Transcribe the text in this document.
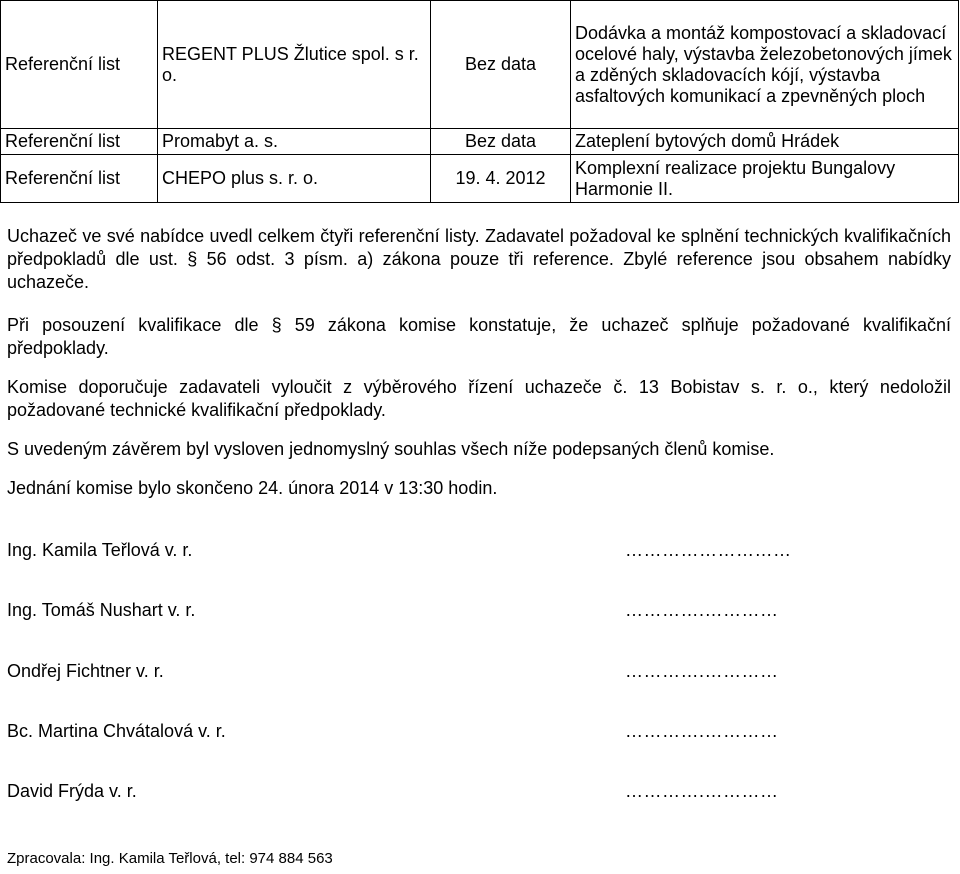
Referenční list	REGENT PLUS Žlutice spol. s r. o.	Bez data	Dodávka a montáž kompostovací a skladovací ocelové haly, výstavba železobetonových jímek a zděných skladovacích kójí, výstavba asfaltových komunikací a zpevněných ploch
Referenční list	Promabyt a. s.	Bez data	Zateplení bytových domů Hrádek
Referenční list	CHEPO plus s. r. o.	19. 4. 2012	Komplexní realizace projektu Bungalovy Harmonie II.

Uchazeč ve své nabídce uvedl celkem čtyři referenční listy. Zadavatel požadoval ke splnění technických kvalifikačních předpokladů dle ust. § 56 odst. 3 písm. a) zákona pouze tři reference. Zbylé reference jsou obsahem nabídky uchazeče.

Při posouzení kvalifikace dle § 59 zákona komise konstatuje, že uchazeč splňuje požadované kvalifikační předpoklady.

Komise doporučuje zadavateli vyloučit z výběrového řízení uchazeče č. 13 Bobistav s. r. o., který nedoložil požadované technické kvalifikační předpoklady.

S uvedeným závěrem byl vysloven jednomyslný souhlas všech níže podepsaných členů komise.

Jednání komise bylo skončeno 24. února 2014 v 13:30 hodin.

Ing. Kamila Teřlová v. r.	………………………
Ing. Tomáš Nushart v. r.	………….…………
Ondřej Fichtner v. r.	………….…………
Bc. Martina Chvátalová v. r.	………….…………
David Frýda v. r.	………….…………
Zpracovala: Ing. Kamila Teřlová, tel: 974 884 563
